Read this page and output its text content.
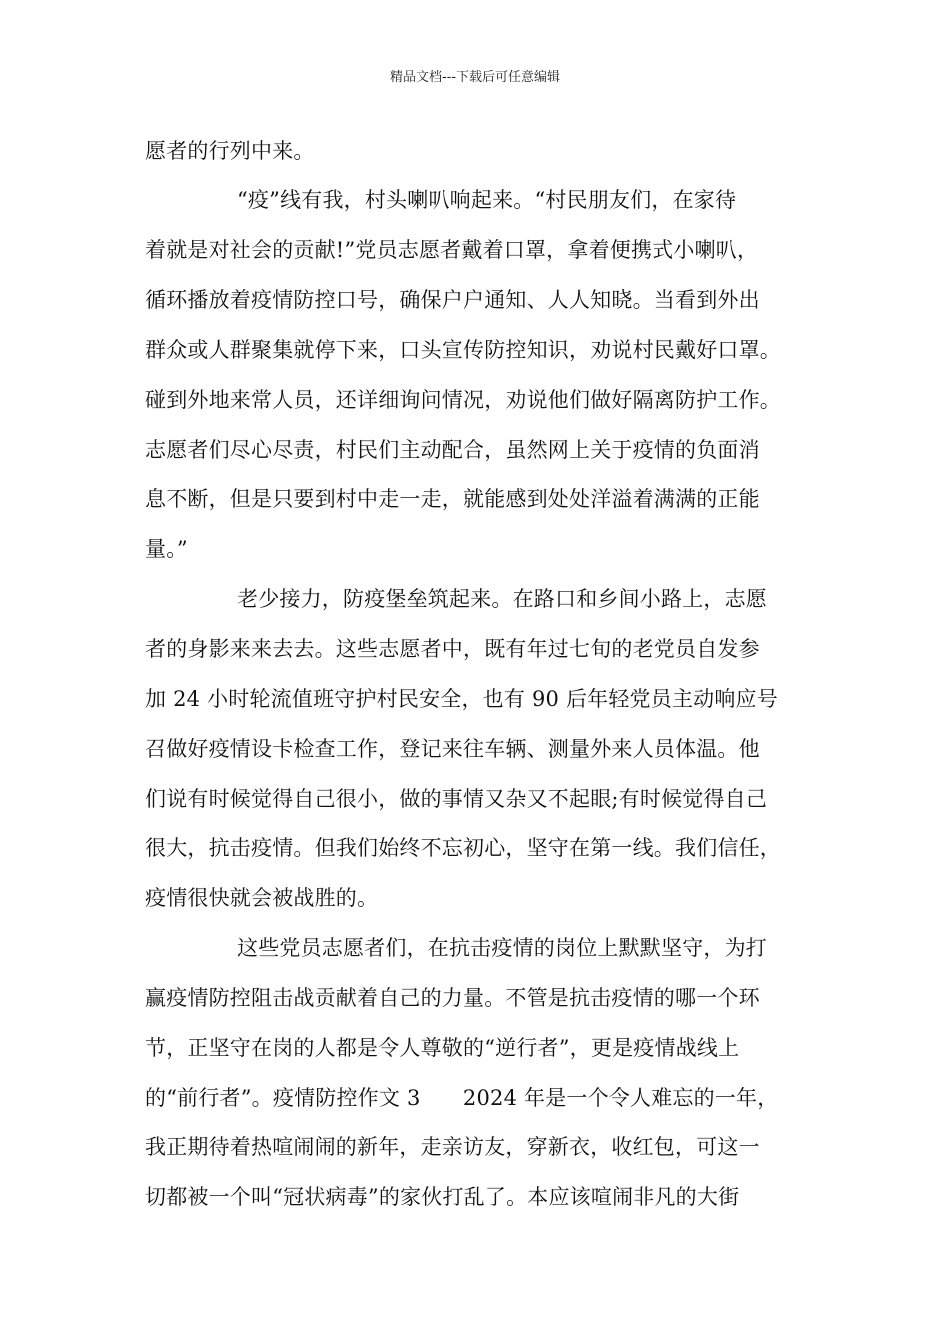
精品文档---下载后可任意编辑
愿者的行列中来。
“疫”线有我，村头喇叭响起来。“村民朋友们，在家待
着就是对社会的贡献!”党员志愿者戴着口罩，拿着便携式小喇叭，
循环播放着疫情防控口号，确保户户通知、人人知晓。当看到外出
群众或人群聚集就停下来，口头宣传防控知识，劝说村民戴好口罩。
碰到外地来常人员，还详细询问情况，劝说他们做好隔离防护工作。
志愿者们尽心尽责，村民们主动配合，虽然网上关于疫情的负面消
息不断，但是只要到村中走一走，就能感到处处洋溢着满满的正能
量。”
老少接力，防疫堡垒筑起来。在路口和乡间小路上，志愿
者的身影来来去去。这些志愿者中，既有年过七旬的老党员自发参
加 24 小时轮流值班守护村民安全，也有 90 后年轻党员主动响应号
召做好疫情设卡检查工作，登记来往车辆、测量外来人员体温。他
们说有时候觉得自己很小，做的事情又杂又不起眼;有时候觉得自己
很大，抗击疫情。但我们始终不忘初心，坚守在第一线。我们信任，
疫情很快就会被战胜的。
这些党员志愿者们，在抗击疫情的岗位上默默坚守，为打
赢疫情防控阻击战贡献着自己的力量。不管是抗击疫情的哪一个环
节，正坚守在岗的人都是令人尊敬的“逆行者”，更是疫情战线上
的“前行者”。疫情防控作文 3　　2024 年是一个令人难忘的一年，
我正期待着热喧闹闹的新年，走亲访友，穿新衣，收红包，可这一
切都被一个叫“冠状病毒”的家伙打乱了。本应该喧闹非凡的大街
